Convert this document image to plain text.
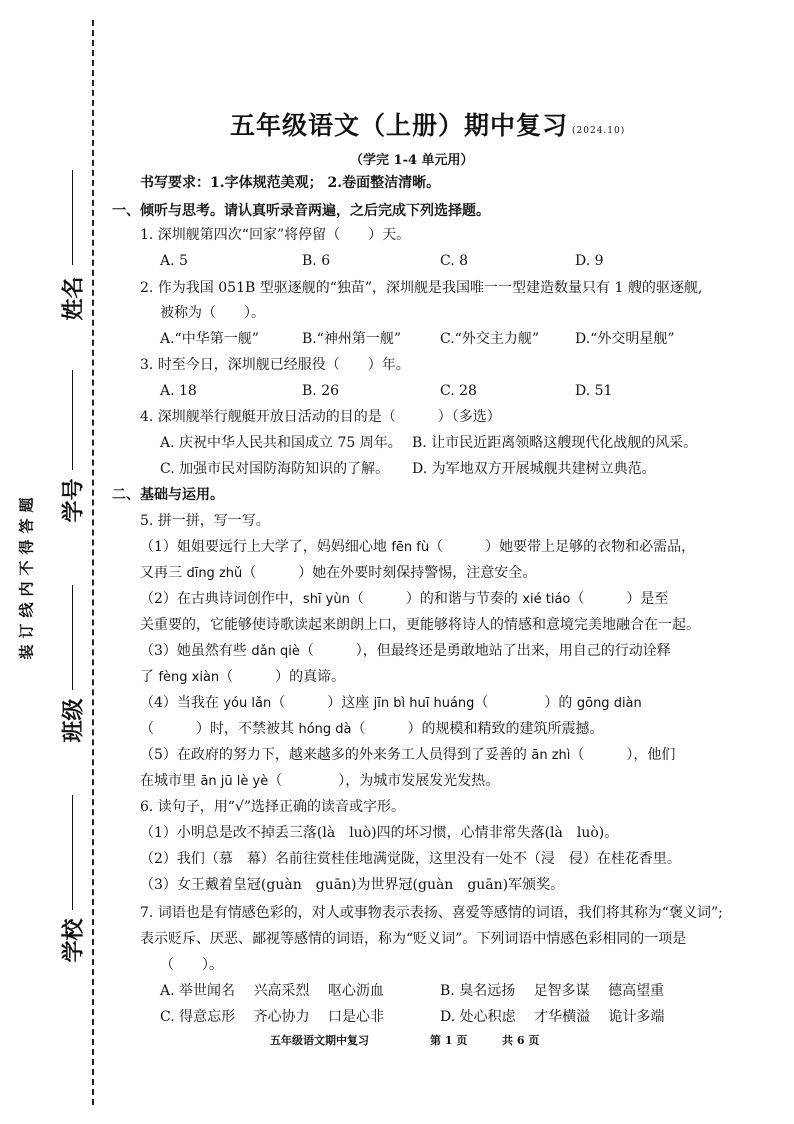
姓名
学号
班级
学校
装订线内不得答题
五年级语文（上册）期中复习 (2024.10)
（学完 1-4 单元用）
书写要求：1.字体规范美观； 2.卷面整洁清晰。
一、倾听与思考。请认真听录音两遍，之后完成下列选择题。
1. 深圳舰第四次“回家”将停留（　　）天。
A. 5	B. 6	C. 8	D. 9
2. 作为我国 051B 型驱逐舰的“独苗”，深圳舰是我国唯一一型建造数量只有 1 艘的驱逐舰,
被称为（　　）。
A.“中华第一舰”	B.“神州第一舰”	C.“外交主力舰”	D.“外交明星舰”
3. 时至今日，深圳舰已经服役（　　）年。
A. 18	B. 26	C. 28	D. 51
4. 深圳舰举行舰艇开放日活动的目的是（　　　）（多选）
A. 庆祝中华人民共和国成立 75 周年。 B. 让市民近距离领略这艘现代化战舰的风采。
C. 加强市民对国防海防知识的了解。 D. 为军地双方开展城舰共建树立典范。
二、基础与运用。
5. 拼一拼，写一写。
（1）姐姐要远行上大学了，妈妈细心地 fēn fù（　　　）她要带上足够的衣物和必需品，
又再三 dīng zhǔ（　　　）她在外要时刻保持警惕，注意安全。
（2）在古典诗词创作中，shī yùn（　　　）的和谐与节奏的 xié tiáo（　　　）是至
关重要的，它能够使诗歌读起来朗朗上口，更能够将诗人的情感和意境完美地融合在一起。
（3）她虽然有些 dǎn qiè（　　　），但最终还是勇敢地站了出来，用自己的行动诠释
了 fèng xiàn（　　　）的真谛。
（4）当我在 yóu lǎn（　　　）这座 jīn bì huī huáng（　　　　）的 gōng diàn
（　　　）时，不禁被其 hóng dà（　　　）的规模和精致的建筑所震撼。
（5）在政府的努力下，越来越多的外来务工人员得到了妥善的 ān zhì（　　　），他们
在城市里 ān jū lè yè（　　　　），为城市发展发光发热。
6. 读句子，用“√”选择正确的读音或字形。
（1）小明总是改不掉丢三落(là　luò)四的坏习惯，心情非常失落(là　luò)。
（2）我们（慕　幕）名前往赏桂佳地满觉陇，这里没有一处不（浸　侵）在桂花香里。
（3）女王戴着皇冠(guàn　guān)为世界冠(guàn　guān)军颁奖。
7. 词语也是有情感色彩的，对人或事物表示表扬、喜爱等感情的词语，我们将其称为“褒义词”;
表示贬斥、厌恶、鄙视等感情的词语，称为“贬义词”。下列词语中情感色彩相同的一项是
（　　）。
A. 举世闻名　 兴高采烈　 呕心沥血	B. 臭名远扬　 足智多谋　 德高望重
C. 得意忘形　 齐心协力　 口是心非	D. 处心积虑　 才华横溢　 诡计多端
五年级语文期中复习	第 1 页	共 6 页
